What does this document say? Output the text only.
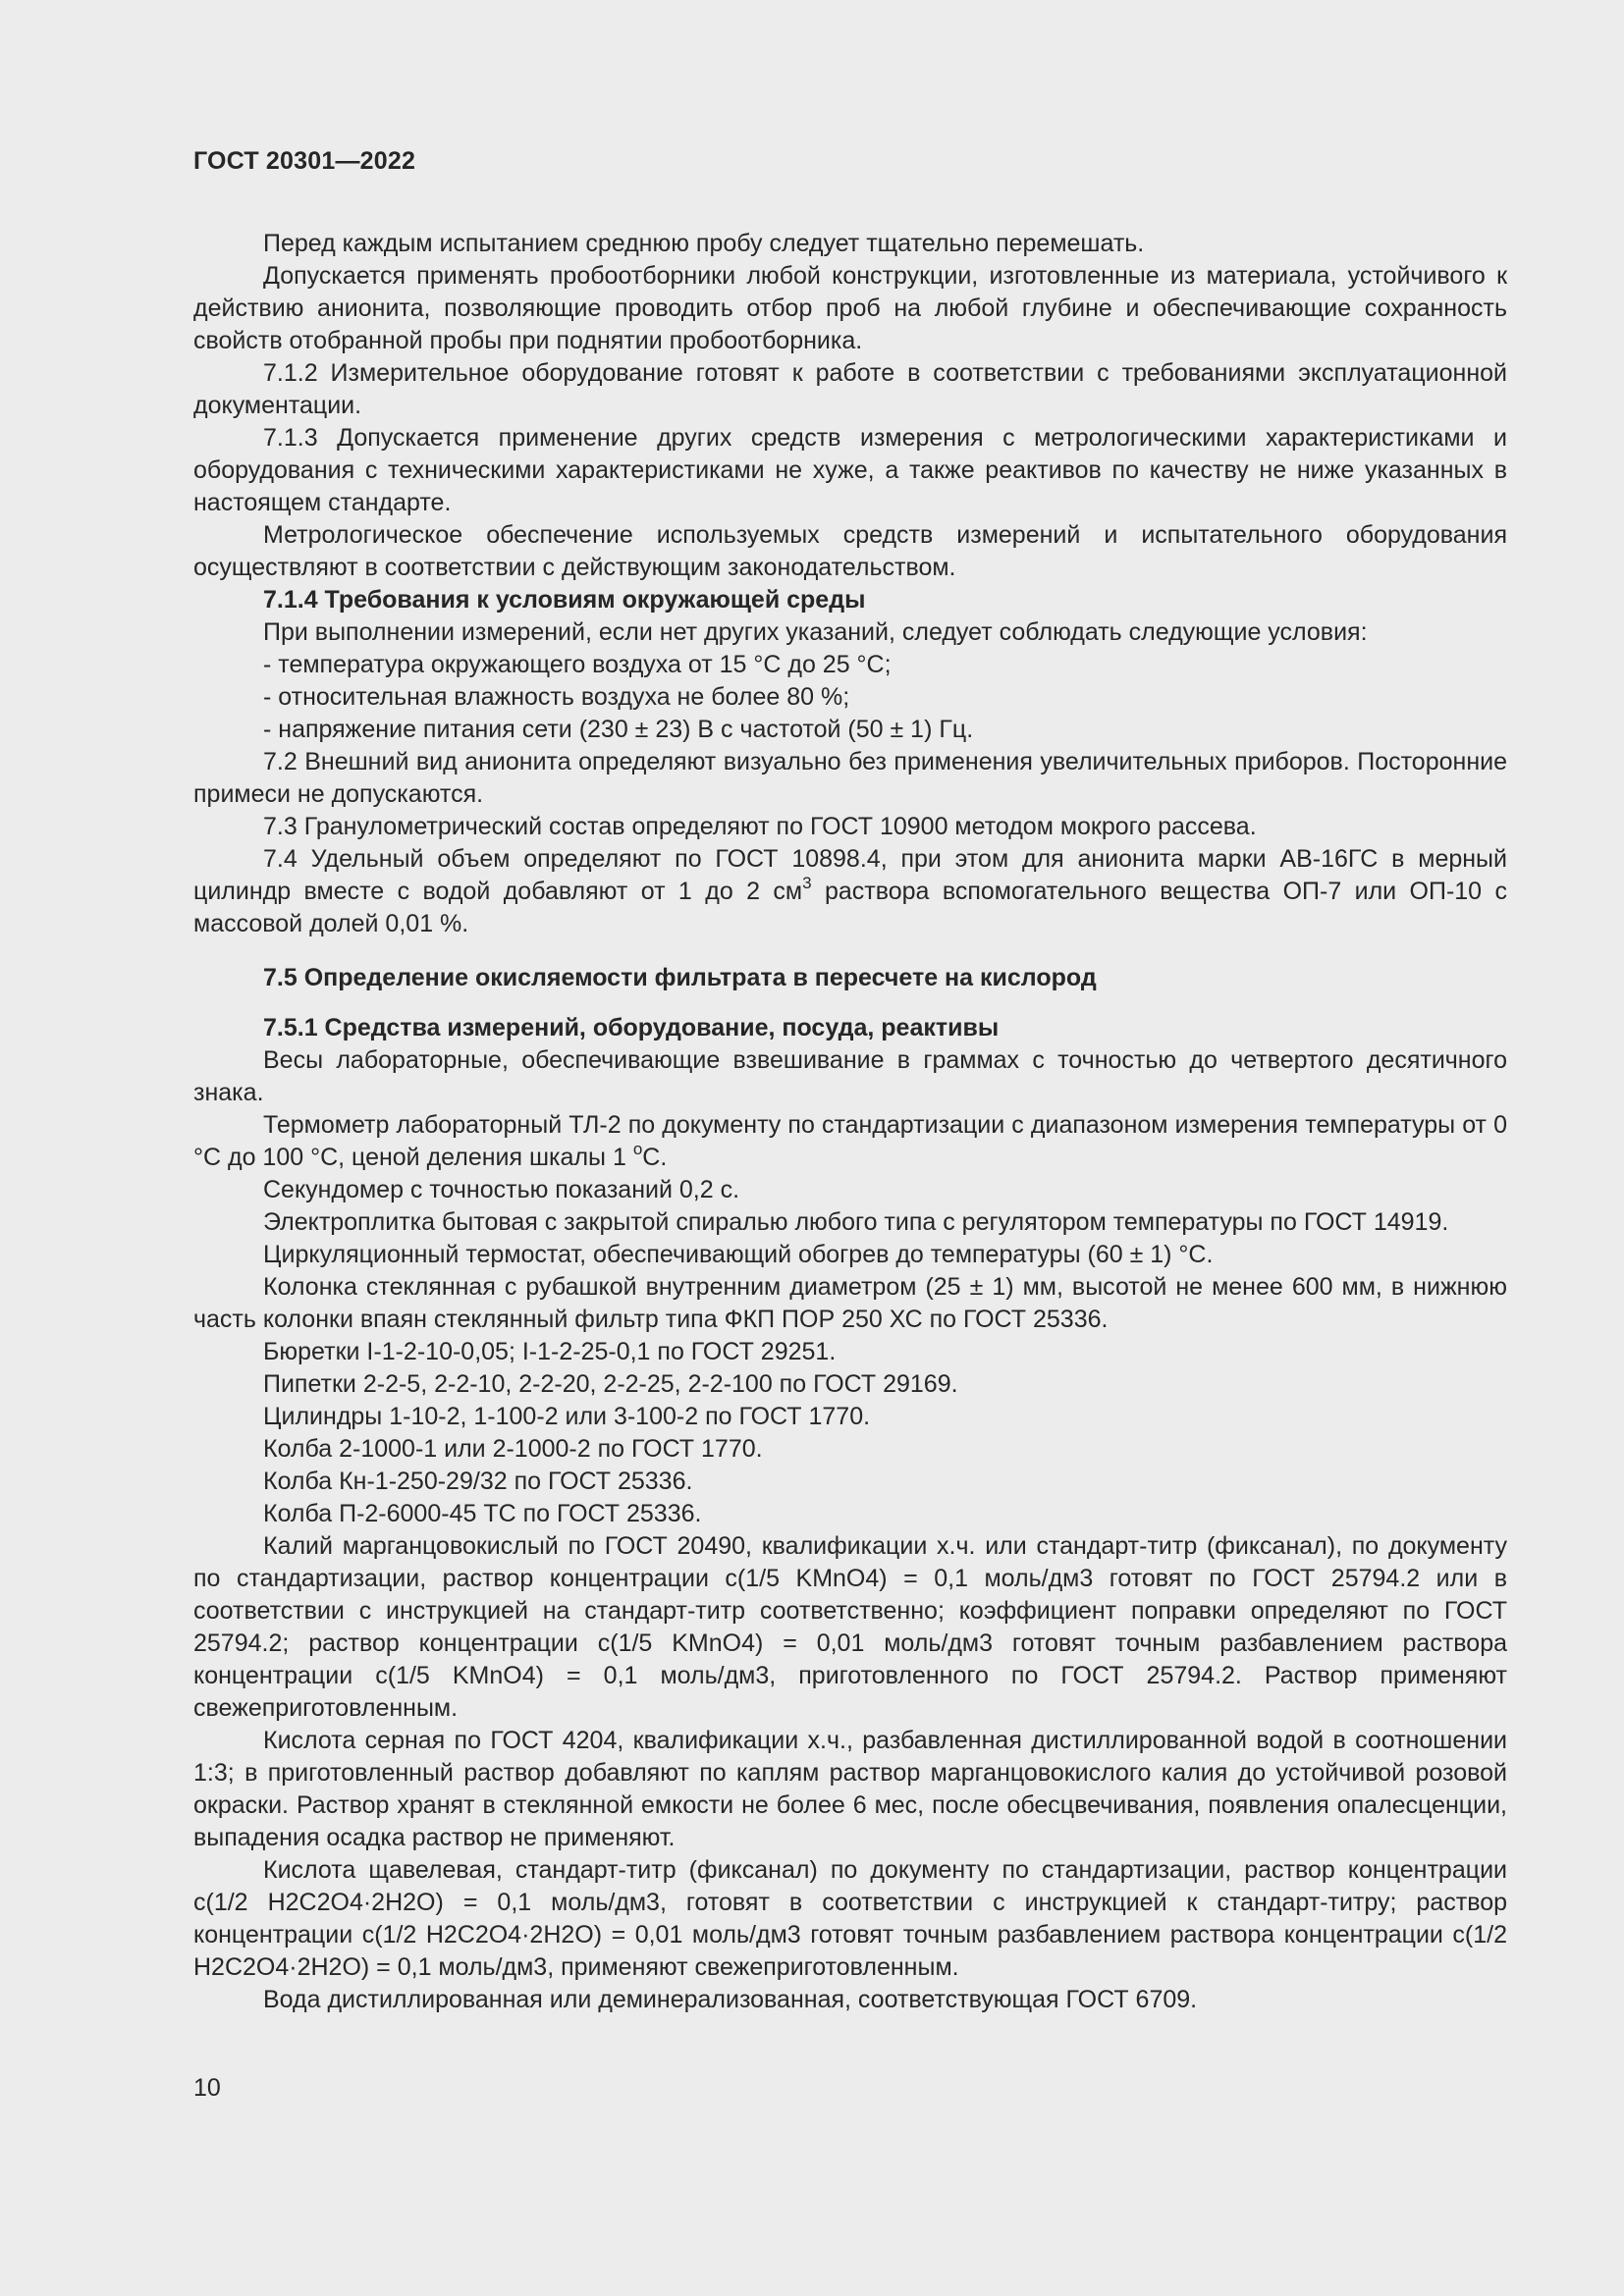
ГОСТ 20301—2022

Перед каждым испытанием среднюю пробу следует тщательно перемешать.

Допускается применять пробоотборники любой конструкции, изготовленные из материала, устойчивого к действию анионита, позволяющие проводить отбор проб на любой глубине и обеспечивающие сохранность свойств отобранной пробы при поднятии пробоотборника.

7.1.2 Измерительное оборудование готовят к работе в соответствии с требованиями эксплуатационной документации.

7.1.3 Допускается применение других средств измерения с метрологическими характеристиками и оборудования с техническими характеристиками не хуже, а также реактивов по качеству не ниже указанных в настоящем стандарте.

Метрологическое обеспечение используемых средств измерений и испытательного оборудования осуществляют в соответствии с действующим законодательством.

7.1.4 Требования к условиям окружающей среды

При выполнении измерений, если нет других указаний, следует соблюдать следующие условия:

- температура окружающего воздуха от 15 °С до 25 °С;

- относительная влажность воздуха не более 80 %;

- напряжение питания сети (230 ± 23) В с частотой (50 ± 1) Гц.

7.2 Внешний вид анионита определяют визуально без применения увеличительных приборов. Посторонние примеси не допускаются.

7.3 Гранулометрический состав определяют по ГОСТ 10900 методом мокрого рассева.

7.4 Удельный объем определяют по ГОСТ 10898.4, при этом для анионита марки АВ-16ГС в мерный цилиндр вместе с водой добавляют от 1 до 2 $см^3$ раствора вспомогательного вещества ОП-7 или ОП-10 с массовой долей 0,01 %.

7.5 Определение окисляемости фильтрата в пересчете на кислород

7.5.1 Средства измерений, оборудование, посуда, реактивы

Весы лабораторные, обеспечивающие взвешивание в граммах с точностью до четвертого десятичного знака.

Термометр лабораторный ТЛ-2 по документу по стандартизации с диапазоном измерения температуры от 0 °С до 100 °С, ценой деления шкалы 1 $^о$С.

Секундомер с точностью показаний 0,2 с.

Электроплитка бытовая с закрытой спиралью любого типа с регулятором температуры по ГОСТ 14919.

Циркуляционный термостат, обеспечивающий обогрев до температуры (60 ± 1) °С.

Колонка стеклянная с рубашкой внутренним диаметром (25 ± 1) мм, высотой не менее 600 мм, в нижнюю часть колонки впаян стеклянный фильтр типа ФКП ПОР 250 ХС по ГОСТ 25336.

Бюретки I-1-2-10-0,05; I-1-2-25-0,1 по ГОСТ 29251.

Пипетки 2-2-5, 2-2-10, 2-2-20, 2-2-25, 2-2-100 по ГОСТ 29169.

Цилиндры 1-10-2, 1-100-2 или 3-100-2 по ГОСТ 1770.

Колба 2-1000-1 или 2-1000-2 по ГОСТ 1770.

Колба Кн-1-250-29/32 по ГОСТ 25336.

Колба П-2-6000-45 ТС по ГОСТ 25336.

Калий марганцовокислый по ГОСТ 20490, квалификации х.ч. или стандарт-титр (фиксанал), по документу по стандартизации, раствор концентрации c(1/5 KMnO4) = 0,1 моль/дм3 готовят по ГОСТ 25794.2 или в соответствии с инструкцией на стандарт-титр соответственно; коэффициент поправки определяют по ГОСТ 25794.2; раствор концентрации c(1/5 KMnO4) = 0,01 моль/дм3 готовят точным разбавлением раствора концентрации c(1/5 KMnO4) = 0,1 моль/дм3, приготовленного по ГОСТ 25794.2. Раствор применяют свежеприготовленным.

Кислота серная по ГОСТ 4204, квалификации х.ч., разбавленная дистиллированной водой в соотношении 1:3; в приготовленный раствор добавляют по каплям раствор марганцовокислого калия до устойчивой розовой окраски. Раствор хранят в стеклянной емкости не более 6 мес, после обесцвечивания, появления опалесценции, выпадения осадка раствор не применяют.

Кислота щавелевая, стандарт-титр (фиксанал) по документу по стандартизации, раствор концентрации c(1/2 H2C2O4·2H2O) = 0,1 моль/дм3, готовят в соответствии с инструкцией к стандарт-титру; раствор концентрации c(1/2 H2C2O4·2H2O) = 0,01 моль/дм3 готовят точным разбавлением раствора концентрации c(1/2 H2C2O4·2H2O) = 0,1 моль/дм3, применяют свежеприготовленным.

Вода дистиллированная или деминерализованная, соответствующая ГОСТ 6709.

10
